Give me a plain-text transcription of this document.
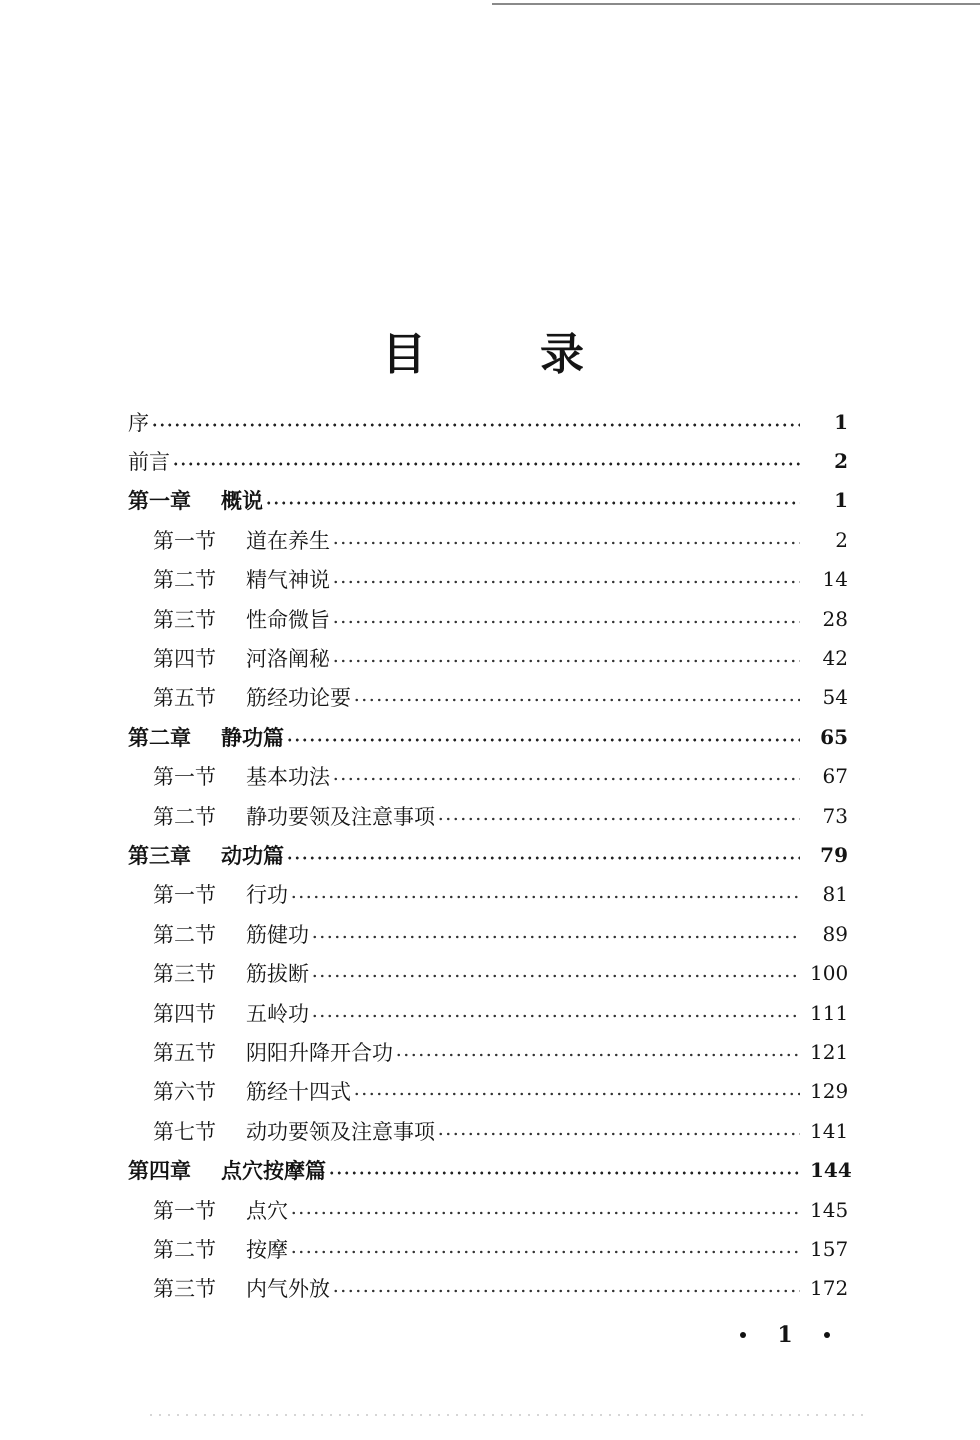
目	录
序	1
前言	2
第一章 概说	1
第一节 道在养生	2
第二节 精气神说	14
第三节 性命微旨	28
第四节 河洛阐秘	42
第五节 筋经功论要	54
第二章 静功篇	65
第一节 基本功法	67
第二节 静功要领及注意事项	73
第三章 动功篇	79
第一节 行功	81
第二节 筋健功	89
第三节 筋拔断	100
第四节 五岭功	111
第五节 阴阳升降开合功	121
第六节 筋经十四式	129
第七节 动功要领及注意事项	141
第四章 点穴按摩篇	144
第一节 点穴	145
第二节 按摩	157
第三节 内气外放	172
1
